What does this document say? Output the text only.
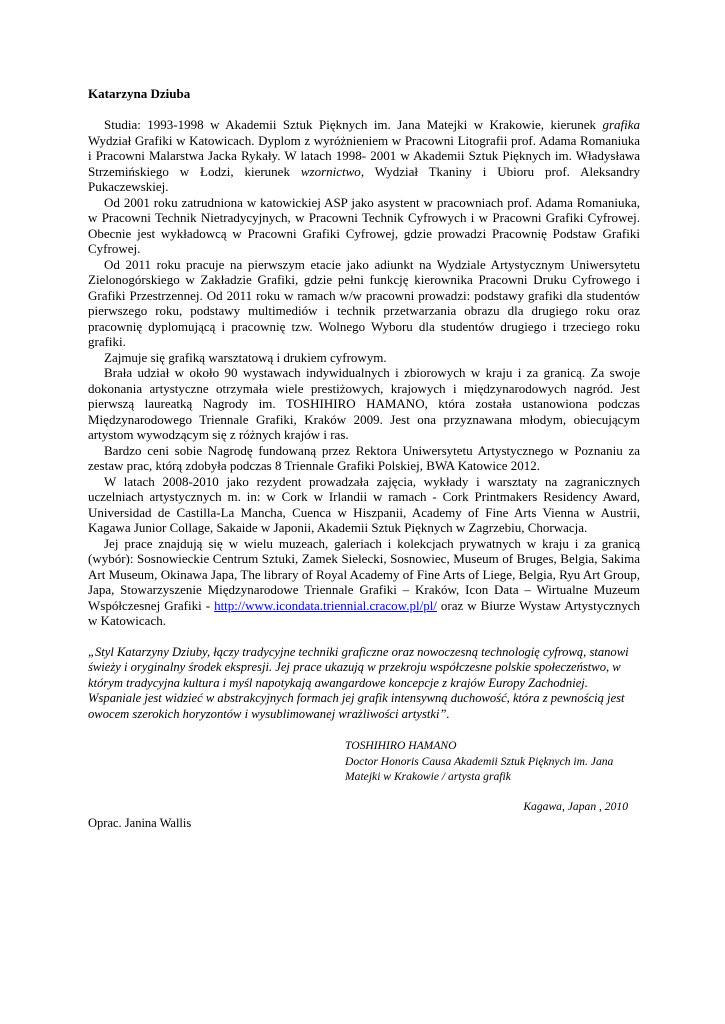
Katarzyna Dziuba

Studia: 1993-1998 w Akademii Sztuk Pięknych im. Jana Matejki w Krakowie, kierunek grafika Wydział Grafiki w Katowicach. Dyplom z wyróżnieniem w Pracowni Litografii prof. Adama Romaniuka i Pracowni Malarstwa Jacka Rykały. W latach 1998- 2001 w Akademii Sztuk Pięknych im. Władysława Strzemińskiego w Łodzi, kierunek wzornictwo, Wydział Tkaniny i Ubioru prof. Aleksandry Pukaczewskiej.

Od 2001 roku zatrudniona w katowickiej ASP jako asystent w pracowniach prof. Adama Romaniuka, w Pracowni Technik Nietradycyjnych, w Pracowni Technik Cyfrowych i w Pracowni Grafiki Cyfrowej. Obecnie jest wykładowcą w Pracowni Grafiki Cyfrowej, gdzie prowadzi Pracownię Podstaw Grafiki Cyfrowej.

Od 2011 roku pracuje na pierwszym etacie jako adiunkt na Wydziale Artystycznym Uniwersytetu Zielonogórskiego w Zakładzie Grafiki, gdzie pełni funkcję kierownika Pracowni Druku Cyfrowego i Grafiki Przestrzennej. Od 2011 roku w ramach w/w pracowni prowadzi: podstawy grafiki dla studentów pierwszego roku, podstawy multimediów i technik przetwarzania obrazu dla drugiego roku oraz pracownię dyplomującą i pracownię tzw. Wolnego Wyboru dla studentów drugiego i trzeciego roku grafiki.

Zajmuje się grafiką warsztatową i drukiem cyfrowym.

Brała udział w około 90 wystawach indywidualnych i zbiorowych w kraju i za granicą. Za swoje dokonania artystyczne otrzymała wiele prestiżowych, krajowych i międzynarodowych nagród. Jest pierwszą laureatką Nagrody im. TOSHIHIRO HAMANO, która została ustanowiona podczas Międzynarodowego Triennale Grafiki, Kraków 2009. Jest ona przyznawana młodym, obiecującym artystom wywodzącym się z różnych krajów i ras.

Bardzo ceni sobie Nagrodę fundowaną przez Rektora Uniwersytetu Artystycznego w Poznaniu za zestaw prac, którą zdobyła podczas 8 Triennale Grafiki Polskiej, BWA Katowice 2012.

W latach 2008-2010 jako rezydent prowadzała zajęcia, wykłady i warsztaty na zagranicznych uczelniach artystycznych m. in: w Cork w Irlandii w ramach - Cork Printmakers Residency Award, Universidad de Castilla-La Mancha, Cuenca w Hiszpanii, Academy of Fine Arts Vienna w Austrii, Kagawa Junior Collage, Sakaide w Japonii, Akademii Sztuk Pięknych w Zagrzebiu, Chorwacja.

Jej prace znajdują się w wielu muzeach, galeriach i kolekcjach prywatnych w kraju i za granicą (wybór): Sosnowieckie Centrum Sztuki, Zamek Sielecki, Sosnowiec, Museum of Bruges, Belgia, Sakima Art Museum, Okinawa Japa, The library of Royal Academy of Fine Arts of Liege, Belgia, Ryu Art Group, Japa, Stowarzyszenie Międzynarodowe Triennale Grafiki – Kraków, Icon Data – Wirtualne Muzeum Współczesnej Grafiki - http://www.icondata.triennial.cracow.pl/pl/ oraz w Biurze Wystaw Artystycznych w Katowicach.

„Styl Katarzyny Dziuby, łączy tradycyjne techniki graficzne oraz nowoczesną technologię cyfrową, stanowi świeży i oryginalny środek ekspresji. Jej prace ukazują w przekroju współczesne polskie społeczeństwo, w którym tradycyjna kultura i myśl napotykają awangardowe koncepcje z krajów Europy Zachodniej. Wspaniale jest widzieć w abstrakcyjnych formach jej grafik intensywną duchowość, która z pewnością jest owocem szerokich horyzontów i wysublimowanej wrażliwości artystki”.
TOSHIHIRO HAMANO
Doctor Honoris Causa Akademii Sztuk Pięknych im. Jana Matejki w Krakowie / artysta grafik
Kagawa, Japan , 2010
Oprac. Janina Wallis
